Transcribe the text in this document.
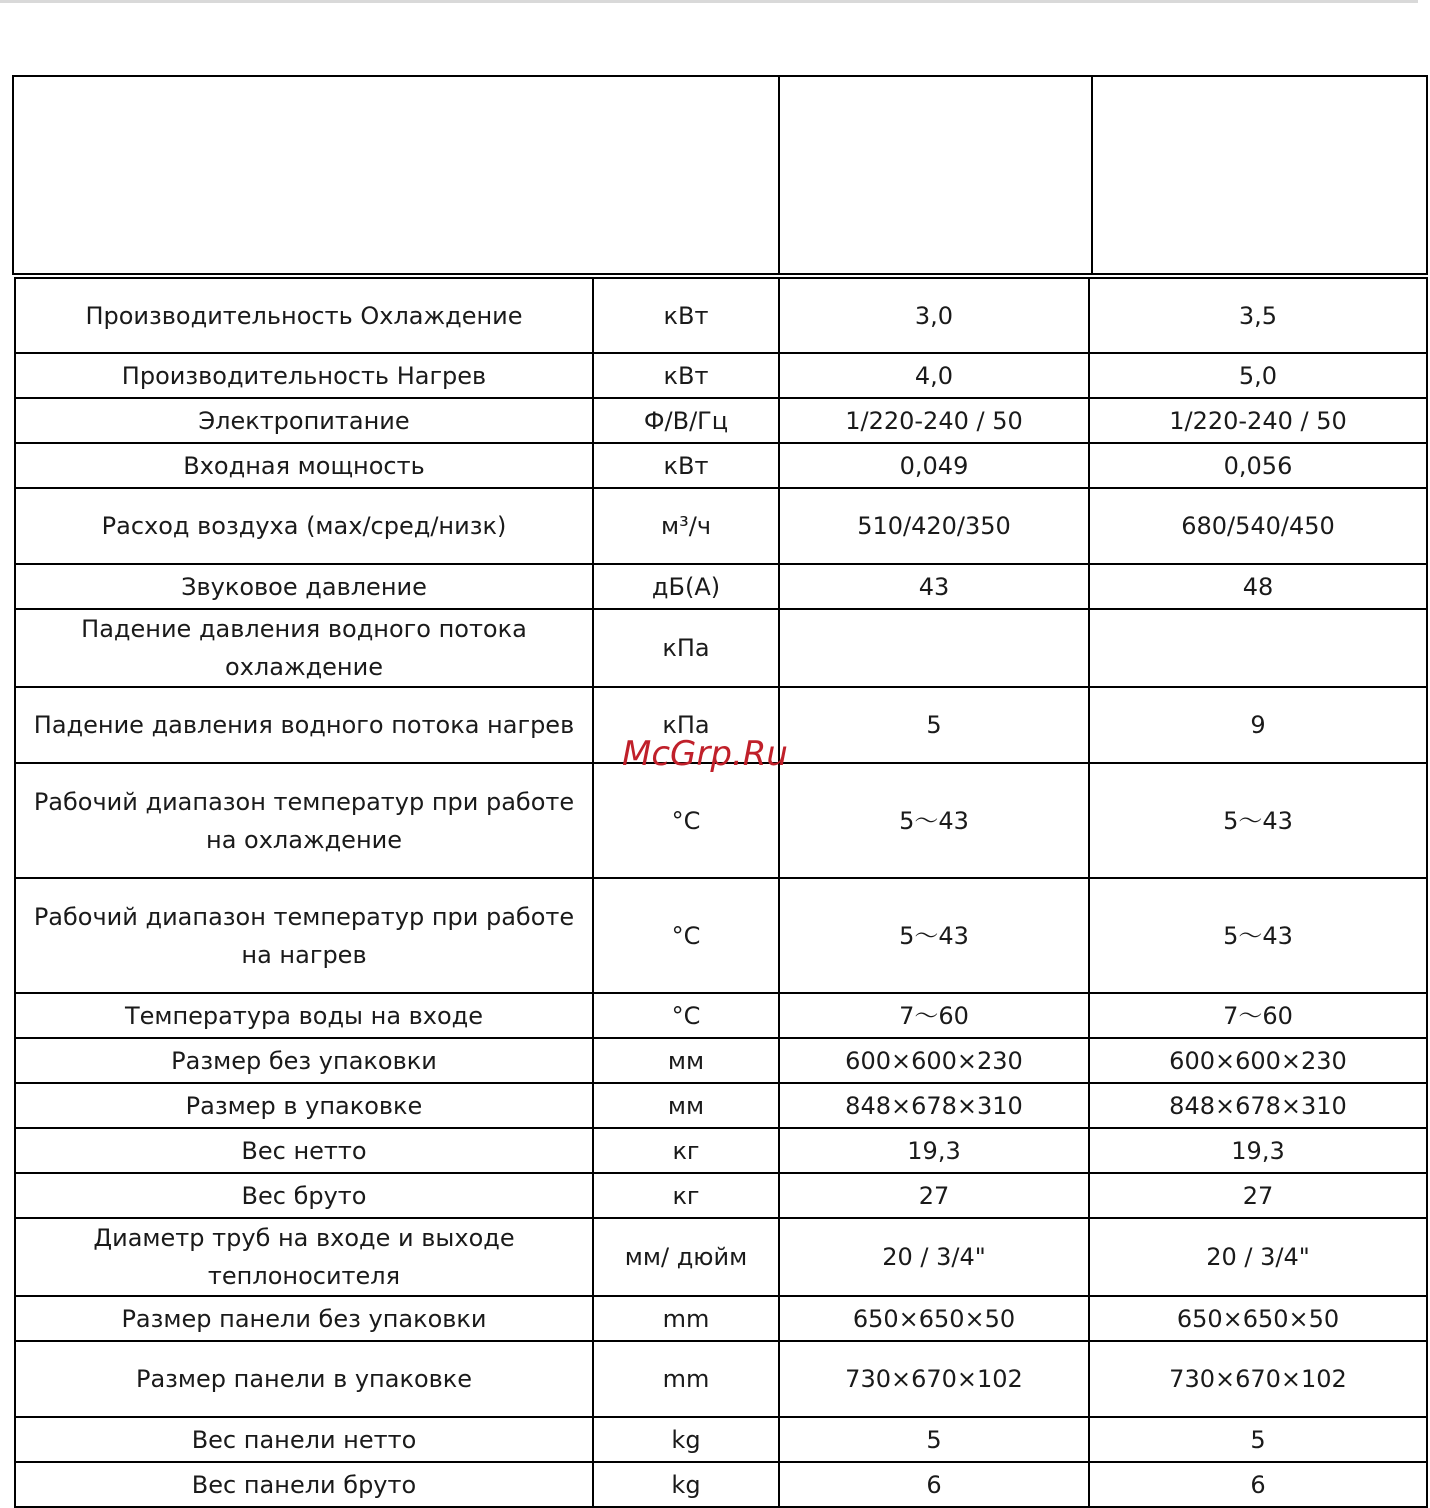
Производительность Охлаждение	кВт	3,0	3,5
Производительность Нагрев	кВт	4,0	5,0
Электропитание	Ф/В/Гц	1/220-240 / 50	1/220-240 / 50
Входная мощность	кВт	0,049	0,056
Расход воздуха (мах/сред/низк)	м³/ч	510/420/350	680/540/450
Звуковое давление	дБ(А)	43	48
Падение давления водного потока охлаждение	кПа		
Падение давления водного потока нагрев	кПа	5	9
Рабочий диапазон температур при работе на охлаждение	°C	5～43	5～43
Рабочий диапазон температур при работе на нагрев	°C	5～43	5～43
Температура воды на входе	°C	7～60	7～60
Размер без упаковки	мм	600×600×230	600×600×230
Размер в упаковке	мм	848×678×310	848×678×310
Вес нетто	кг	19,3	19,3
Вес бруто	кг	27	27
Диаметр труб на входе и выходе теплоносителя	мм/ дюйм	20 / 3/4"	20 / 3/4"
Размер панели без упаковки	mm	650×650×50	650×650×50
Размер панели в упаковке	mm	730×670×102	730×670×102
Вес панели нетто	kg	5	5
Вес панели бруто	kg	6	6
McGrp.Ru
